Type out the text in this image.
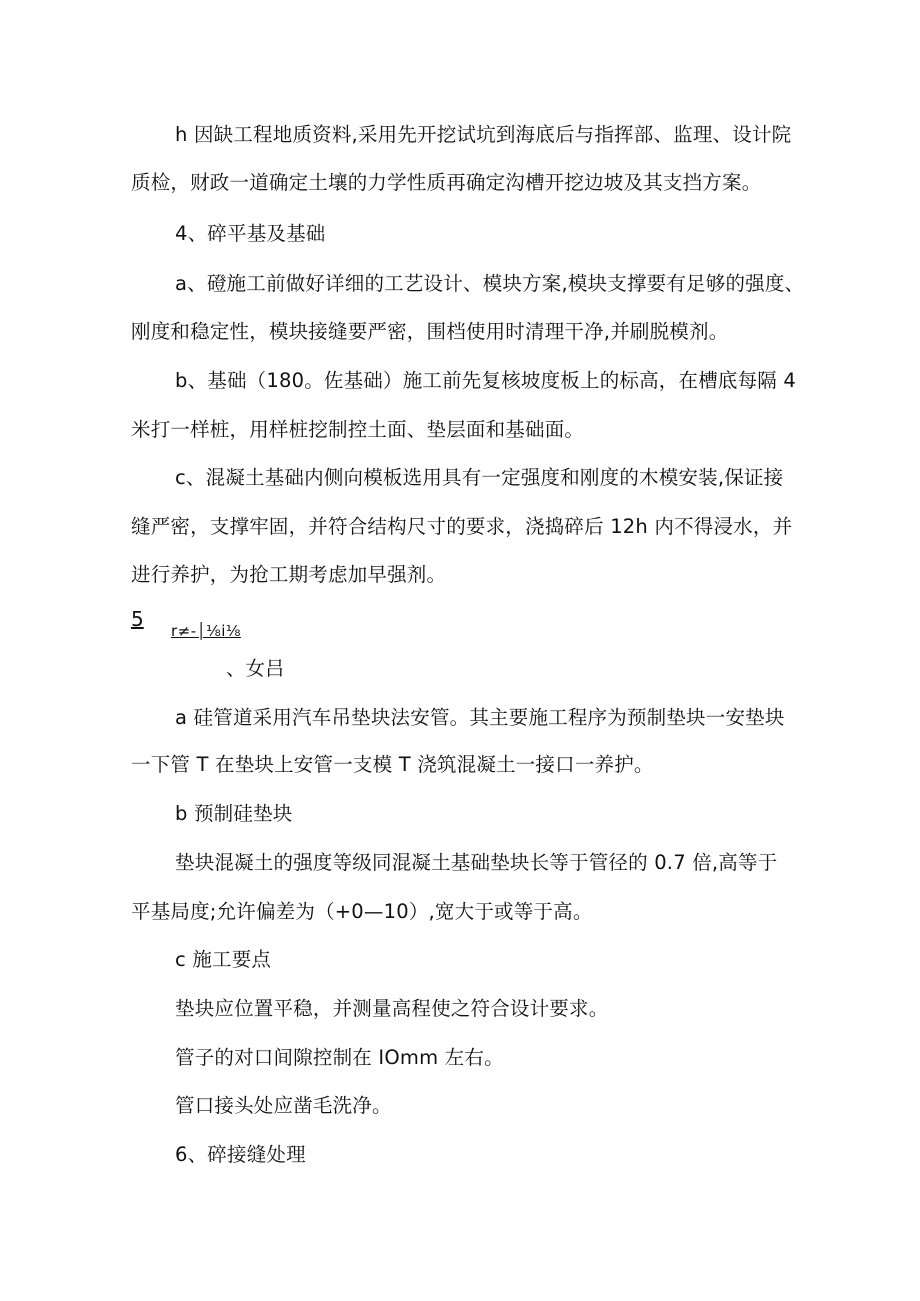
h 因缺工程地质资料,采用先开挖试坑到海底后与指挥部、监理、设计院
质检，财政一道确定土壤的力学性质再确定沟槽开挖边坡及其支挡方案。
4、碎平基及基础
a、磴施工前做好详细的工艺设计、模块方案,模块支撑要有足够的强度、
刚度和稳定性，模块接缝要严密，围档使用时清理干净,并刷脱模剂。
b、基础（180。佐基础）施工前先复核坡度板上的标高，在槽底每隔 4
米打一样桩，用样桩挖制控土面、垫层面和基础面。
c、混凝土基础内侧向模板选用具有一定强度和刚度的木模安装,保证接
缝严密，支撑牢固，并符合结构尺寸的要求，浇捣碎后 12h 内不得浸水，并
进行养护，为抢工期考虑加早强剂。
5 r≠-│⅛i⅛
、女吕
a 硅管道采用汽车吊垫块法安管。其主要施工程序为预制垫块一安垫块
一下管 T 在垫块上安管一支模 T 浇筑混凝土一接口一养护。
b 预制硅垫块
垫块混凝土的强度等级同混凝土基础垫块长等于管径的 0.7 倍,高等于
平基局度;允许偏差为（+0—10）,宽大于或等于高。
c 施工要点
垫块应位置平稳，并测量高程使之符合设计要求。
管子的对口间隙控制在 IOmm 左右。
管口接头处应凿毛洗净。
6、碎接缝处理
